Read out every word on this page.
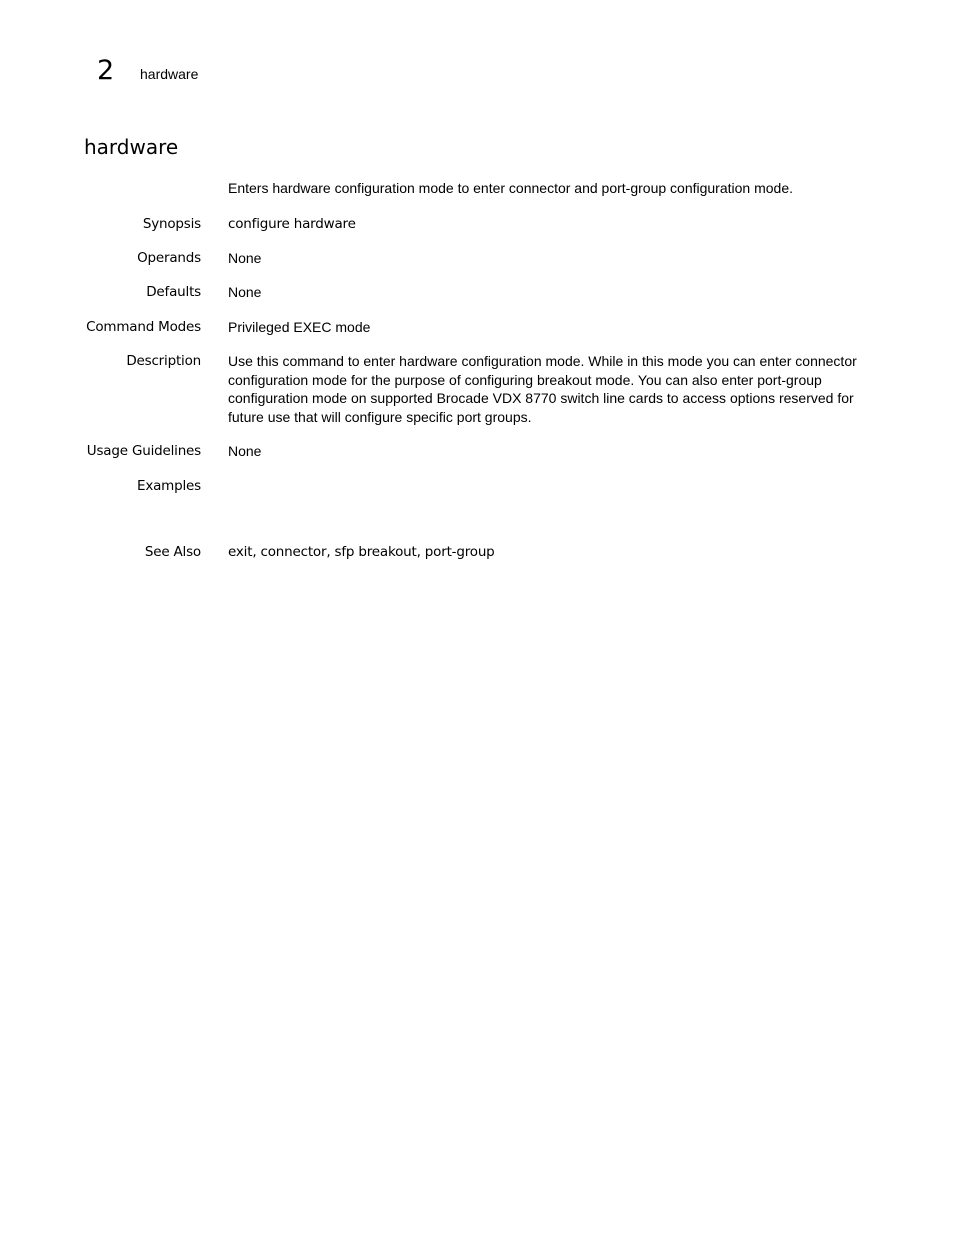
2	hardware
hardware
Enters hardware configuration mode to enter connector and port-group configuration mode.
Synopsis configure hardware
Operands None
Defaults None
Command Modes Privileged EXEC mode
Description Use this command to enter hardware configuration mode. While in this mode you can enter connector configuration mode for the purpose of configuring breakout mode. You can also enter port-group configuration mode on supported Brocade VDX 8770 switch line cards to access options reserved for future use that will configure specific port groups.
Usage Guidelines None
Examples
See Also exit, connector, sfp breakout, port-group
